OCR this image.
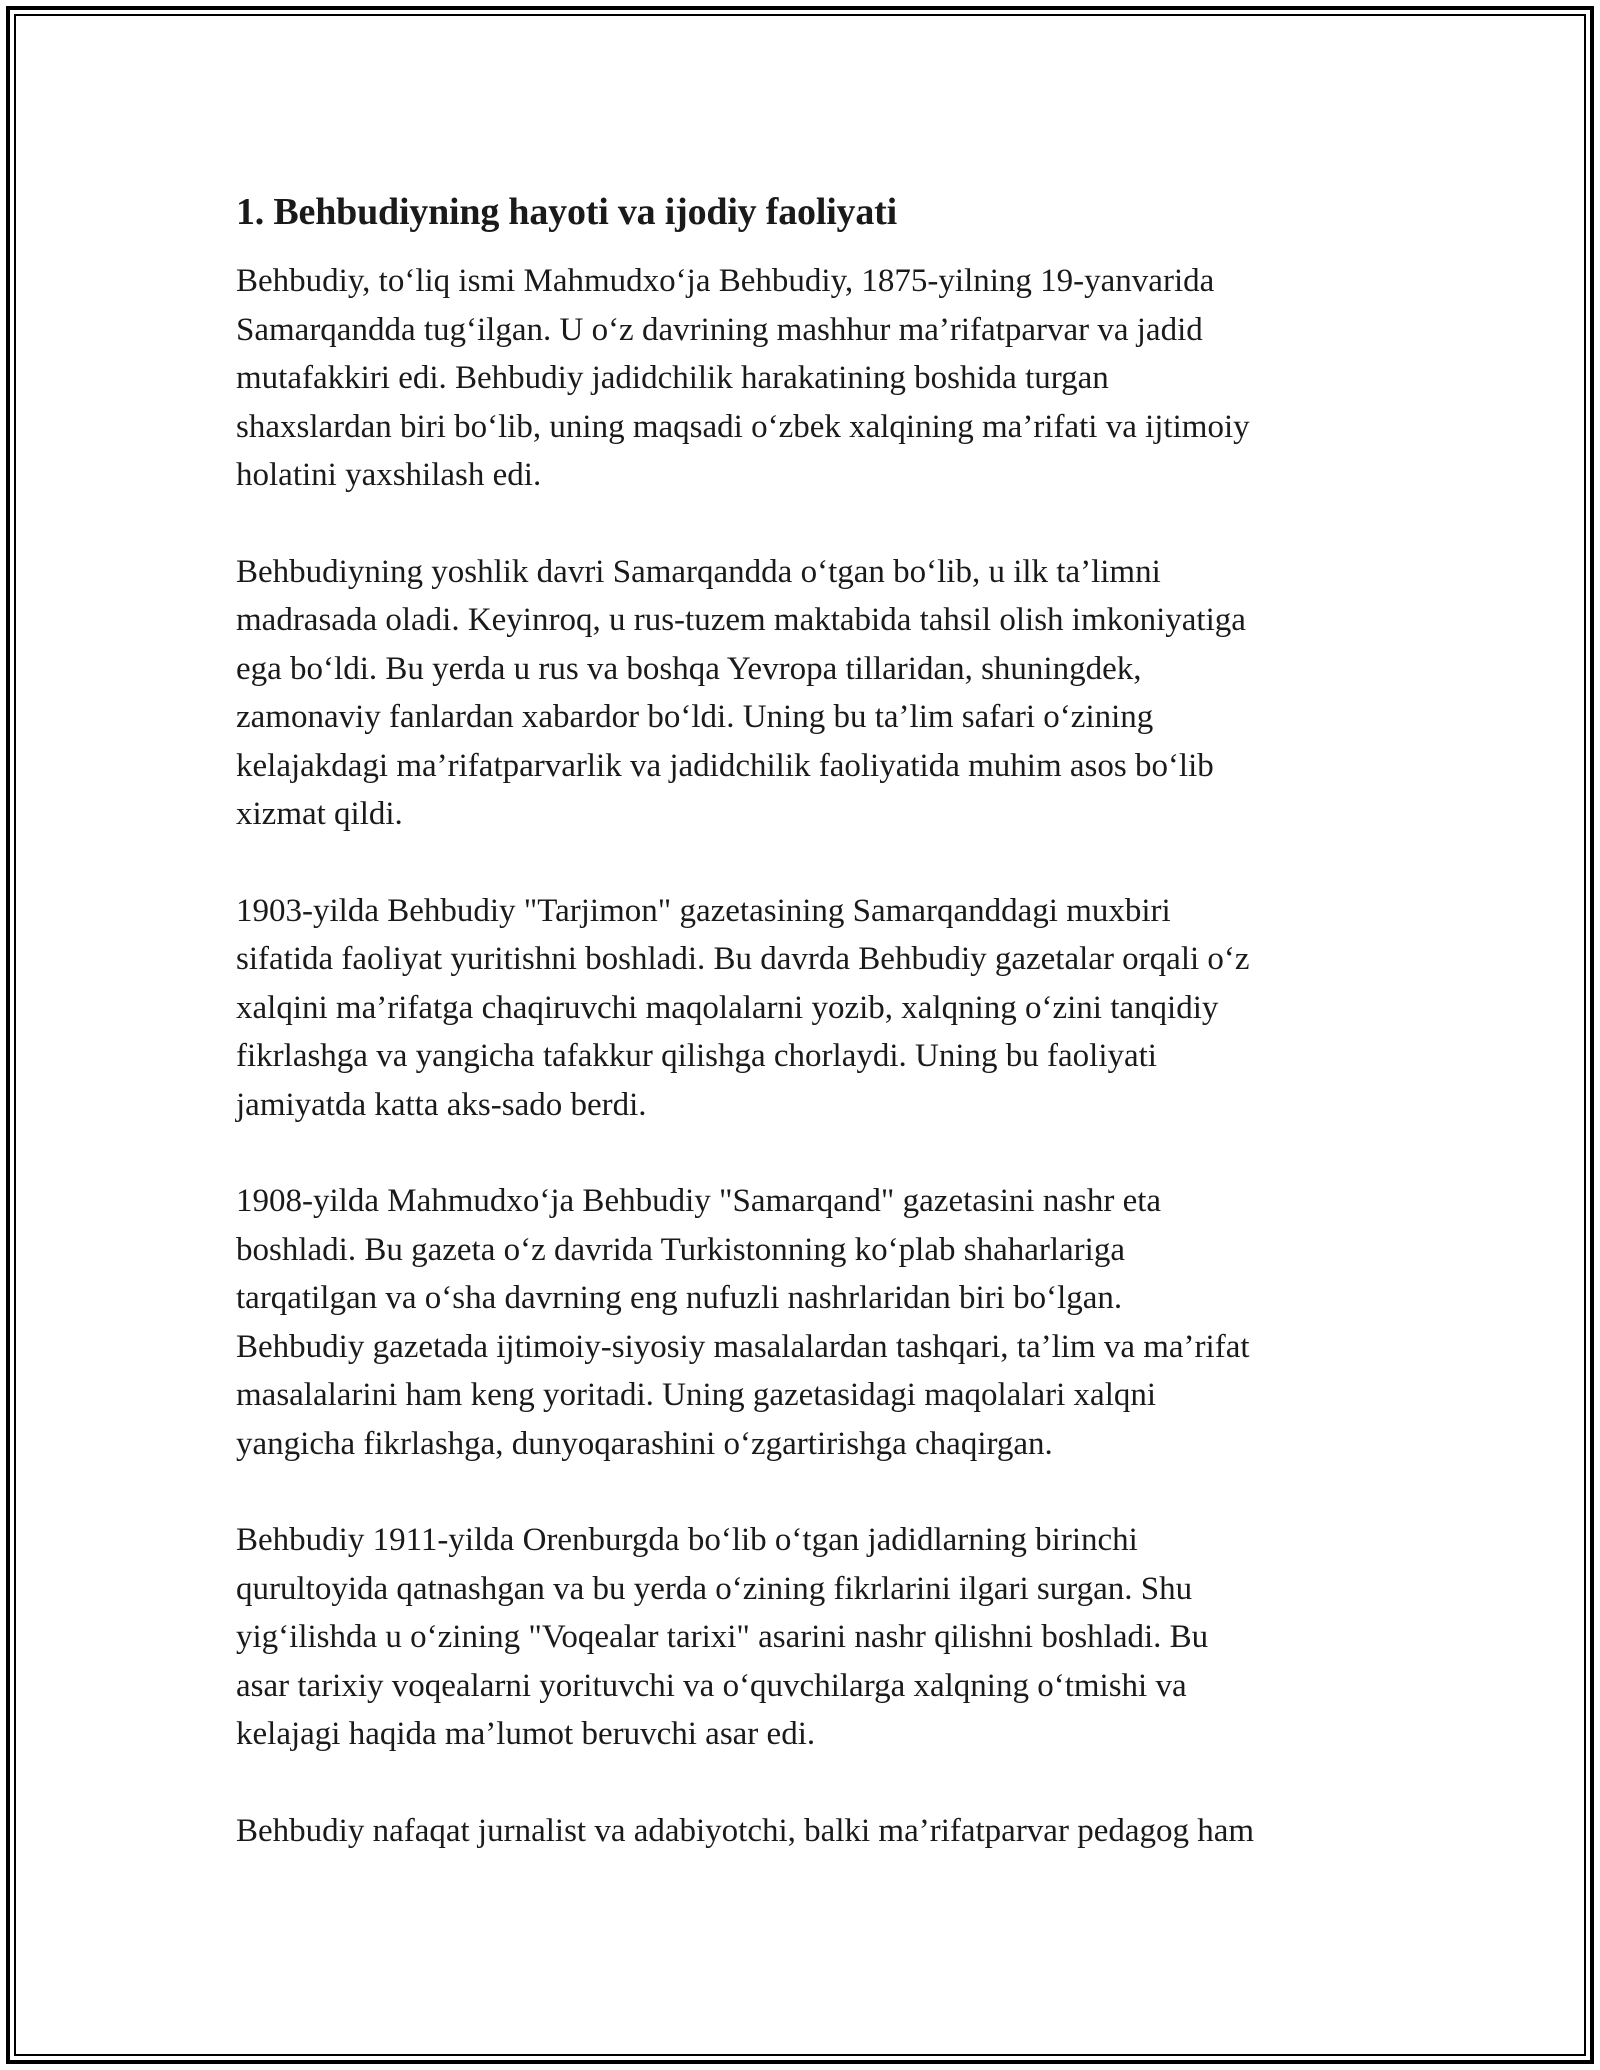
1. Behbudiyning hayoti va ijodiy faoliyati

Behbudiy, to‘liq ismi Mahmudxo‘ja Behbudiy, 1875-yilning 19-yanvarida
Samarqandda tug‘ilgan. U o‘z davrining mashhur ma’rifatparvar va jadid
mutafakkiri edi. Behbudiy jadidchilik harakatining boshida turgan
shaxslardan biri bo‘lib, uning maqsadi o‘zbek xalqining ma’rifati va ijtimoiy
holatini yaxshilash edi.

Behbudiyning yoshlik davri Samarqandda o‘tgan bo‘lib, u ilk ta’limni
madrasada oladi. Keyinroq, u rus-tuzem maktabida tahsil olish imkoniyatiga
ega bo‘ldi. Bu yerda u rus va boshqa Yevropa tillaridan, shuningdek,
zamonaviy fanlardan xabardor bo‘ldi. Uning bu ta’lim safari o‘zining
kelajakdagi ma’rifatparvarlik va jadidchilik faoliyatida muhim asos bo‘lib
xizmat qildi.

1903-yilda Behbudiy "Tarjimon" gazetasining Samarqanddagi muxbiri
sifatida faoliyat yuritishni boshladi. Bu davrda Behbudiy gazetalar orqali o‘z
xalqini ma’rifatga chaqiruvchi maqolalarni yozib, xalqning o‘zini tanqidiy
fikrlashga va yangicha tafakkur qilishga chorlaydi. Uning bu faoliyati
jamiyatda katta aks-sado berdi.

1908-yilda Mahmudxo‘ja Behbudiy "Samarqand" gazetasini nashr eta
boshladi. Bu gazeta o‘z davrida Turkistonning ko‘plab shaharlariga
tarqatilgan va o‘sha davrning eng nufuzli nashrlaridan biri bo‘lgan.
Behbudiy gazetada ijtimoiy-siyosiy masalalardan tashqari, ta’lim va ma’rifat
masalalarini ham keng yoritadi. Uning gazetasidagi maqolalari xalqni
yangicha fikrlashga, dunyoqarashini o‘zgartirishga chaqirgan.

Behbudiy 1911-yilda Orenburgda bo‘lib o‘tgan jadidlarning birinchi
qurultoyida qatnashgan va bu yerda o‘zining fikrlarini ilgari surgan. Shu
yig‘ilishda u o‘zining "Voqealar tarixi" asarini nashr qilishni boshladi. Bu
asar tarixiy voqealarni yorituvchi va o‘quvchilarga xalqning o‘tmishi va
kelajagi haqida ma’lumot beruvchi asar edi.

Behbudiy nafaqat jurnalist va adabiyotchi, balki ma’rifatparvar pedagog ham
